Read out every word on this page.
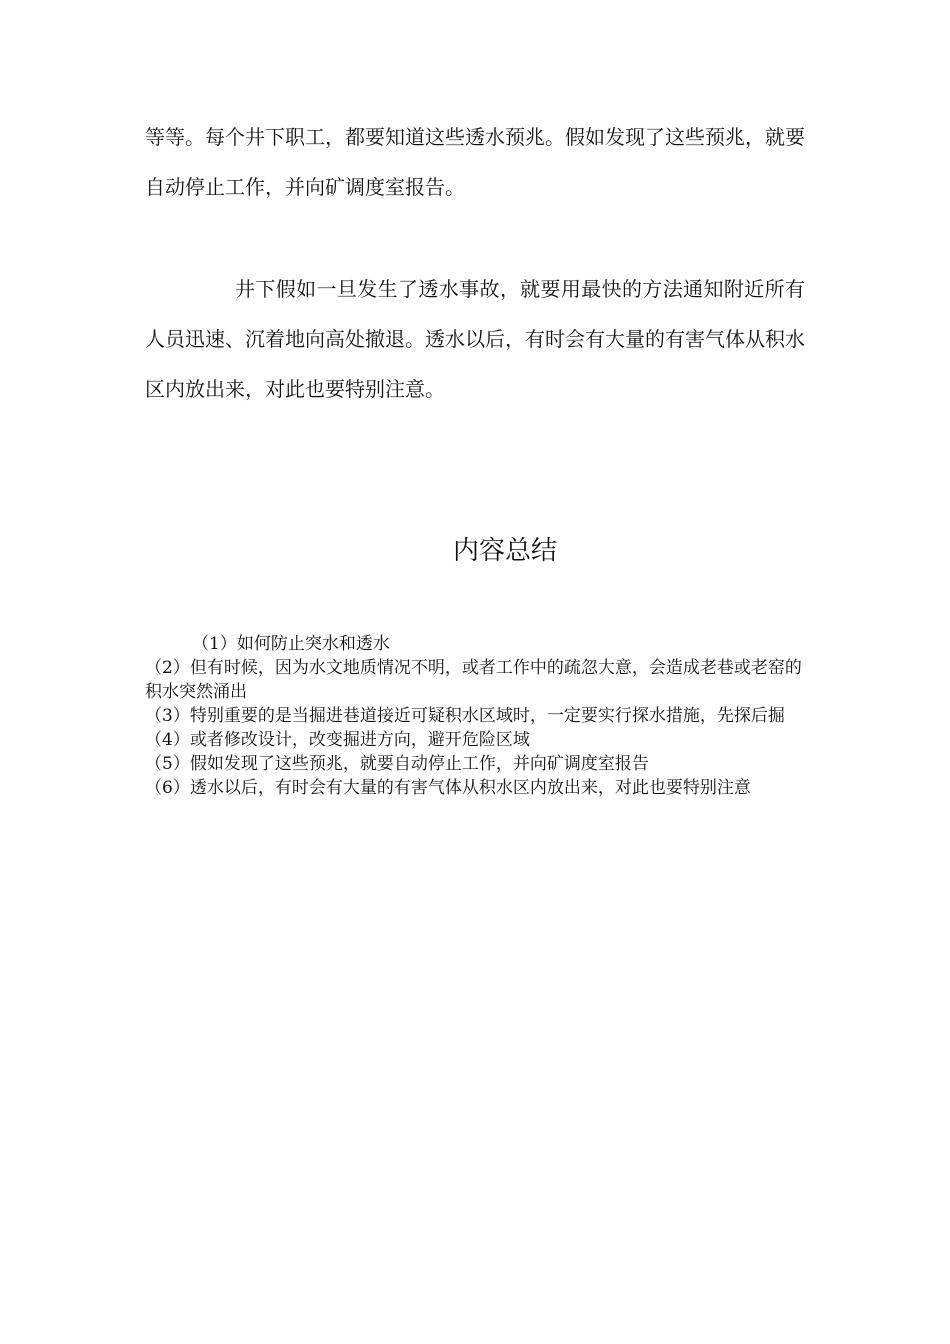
等等。每个井下职工，都要知道这些透水预兆。假如发现了这些预兆，就要自动停止工作，并向矿调度室报告。

井下假如一旦发生了透水事故，就要用最快的方法通知附近所有人员迅速、沉着地向高处撤退。透水以后，有时会有大量的有害气体从积水区内放出来，对此也要特别注意。

内容总结
（1）如何防止突水和透水
（2）但有时候，因为水文地质情况不明，或者工作中的疏忽大意，会造成老巷或老窑的积水突然涌出
（3）特别重要的是当掘进巷道接近可疑积水区域时，一定要实行探水措施，先探后掘
（4）或者修改设计，改变掘进方向，避开危险区域
（5）假如发现了这些预兆，就要自动停止工作，并向矿调度室报告
（6）透水以后，有时会有大量的有害气体从积水区内放出来，对此也要特别注意
